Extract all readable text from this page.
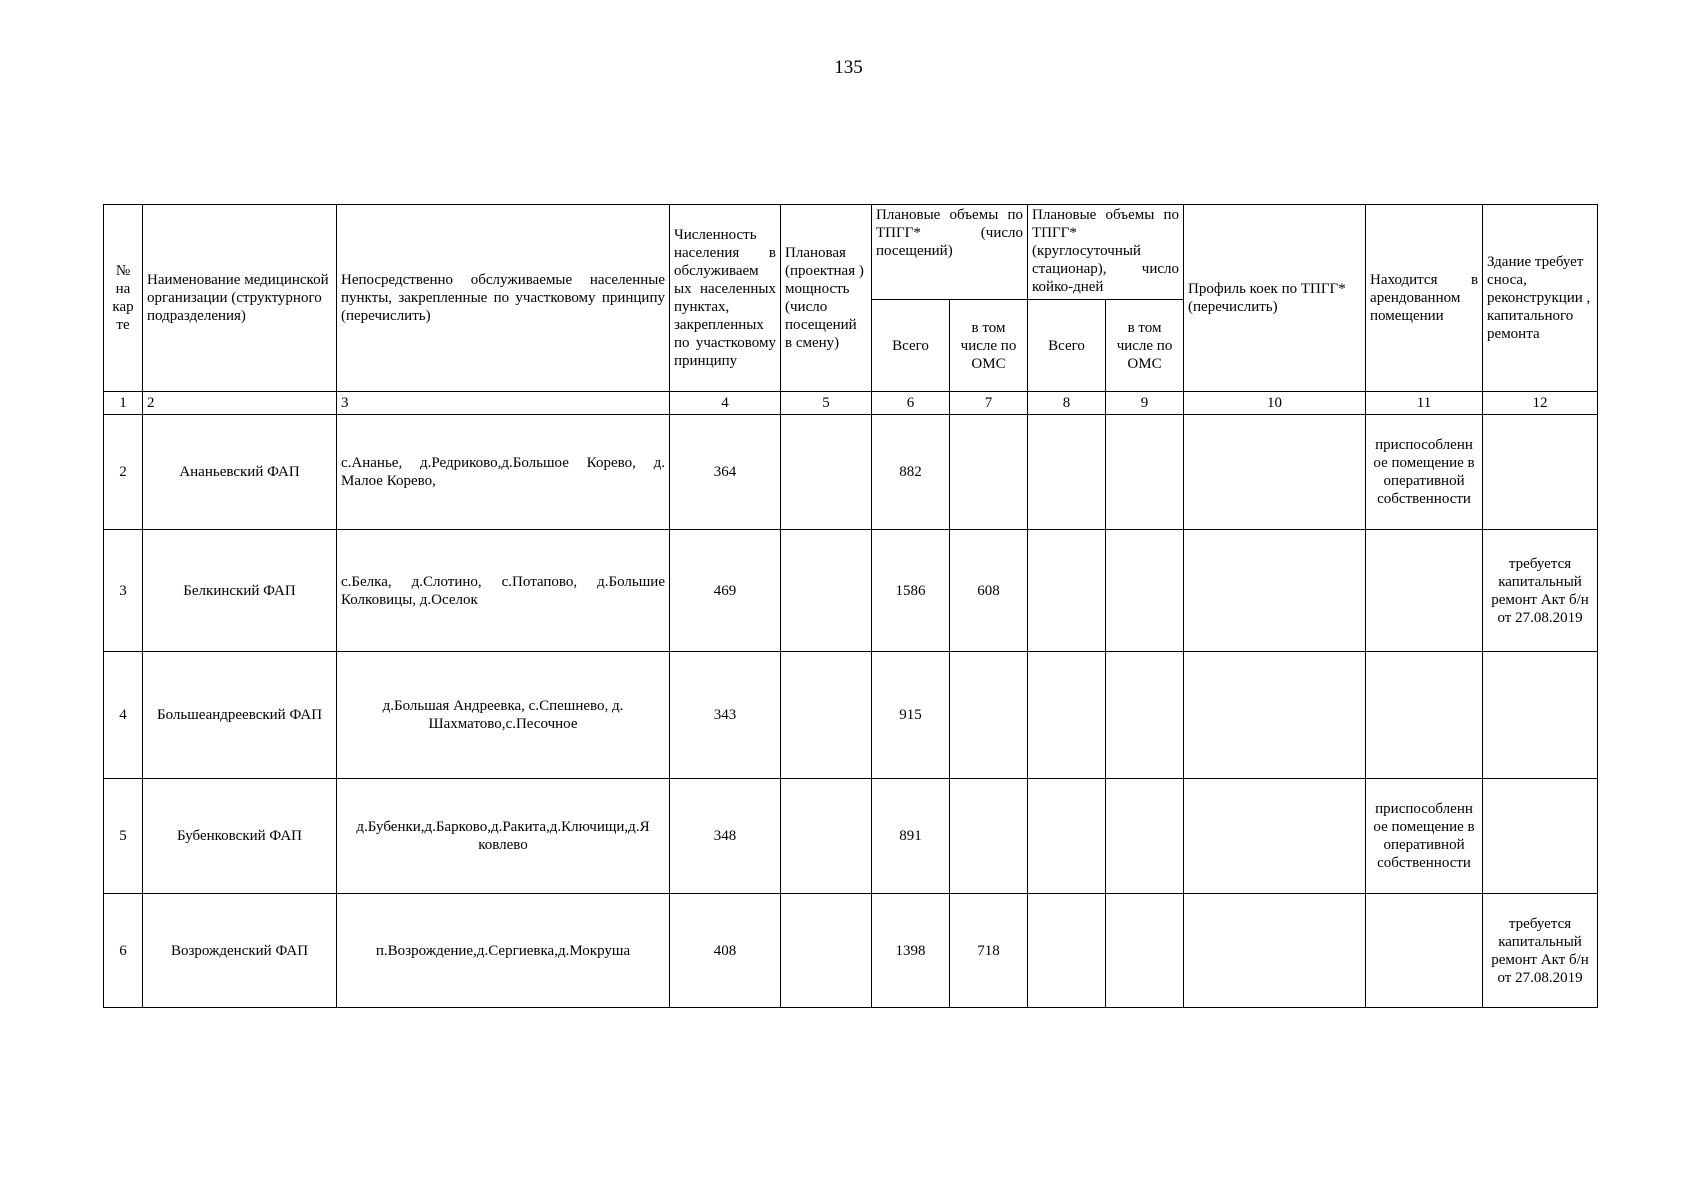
135
№ на кар те	Наименование медицинской организации (структурного подразделения)	Непосредственно обслуживаемые населенные пункты, закрепленные по участковому принципу (перечислить)	Численность населения в обслуживаем ых населенных пунктах, закрепленных по участковому принципу	Плановая (проектная ) мощность (число посещений в смену)	Плановые объемы по ТПГГ* (число посещений)		Плановые объемы по ТПГГ* (круглосуточный стационар), число койко-дней		Профиль коек по ТПГГ* (перечислить)	Находится в арендованном помещении	Здание требует сноса, реконструкции , капитального ремонта
					Всего	в том числе по ОМС	Всего	в том числе по ОМС			
1	2	3	4	5	6	7	8	9	10	11	12
2	Ананьевский ФАП	с.Ананье, д.Редриково,д.Большое Корево, д. Малое Корево,	364		882					приспособленн ое помещение в оперативной собственности	
3	Белкинский ФАП	с.Белка, д.Слотино, с.Потапово, д.Большие Колковицы, д.Оселок	469		1586	608					требуется капитальный ремонт Акт б/н от 27.08.2019
4	Большеандреевский ФАП	д.Большая Андреевка, с.Спешнево, д. Шахматово,с.Песочное	343		915						
5	Бубенковский ФАП	д.Бубенки,д.Барково,д.Ракита,д.Ключищи,д.Я ковлево	348		891					приспособленн ое помещение в оперативной собственности	
6	Возрожденский ФАП	п.Возрождение,д.Сергиевка,д.Мокруша	408		1398	718					требуется капитальный ремонт Акт б/н от 27.08.2019
